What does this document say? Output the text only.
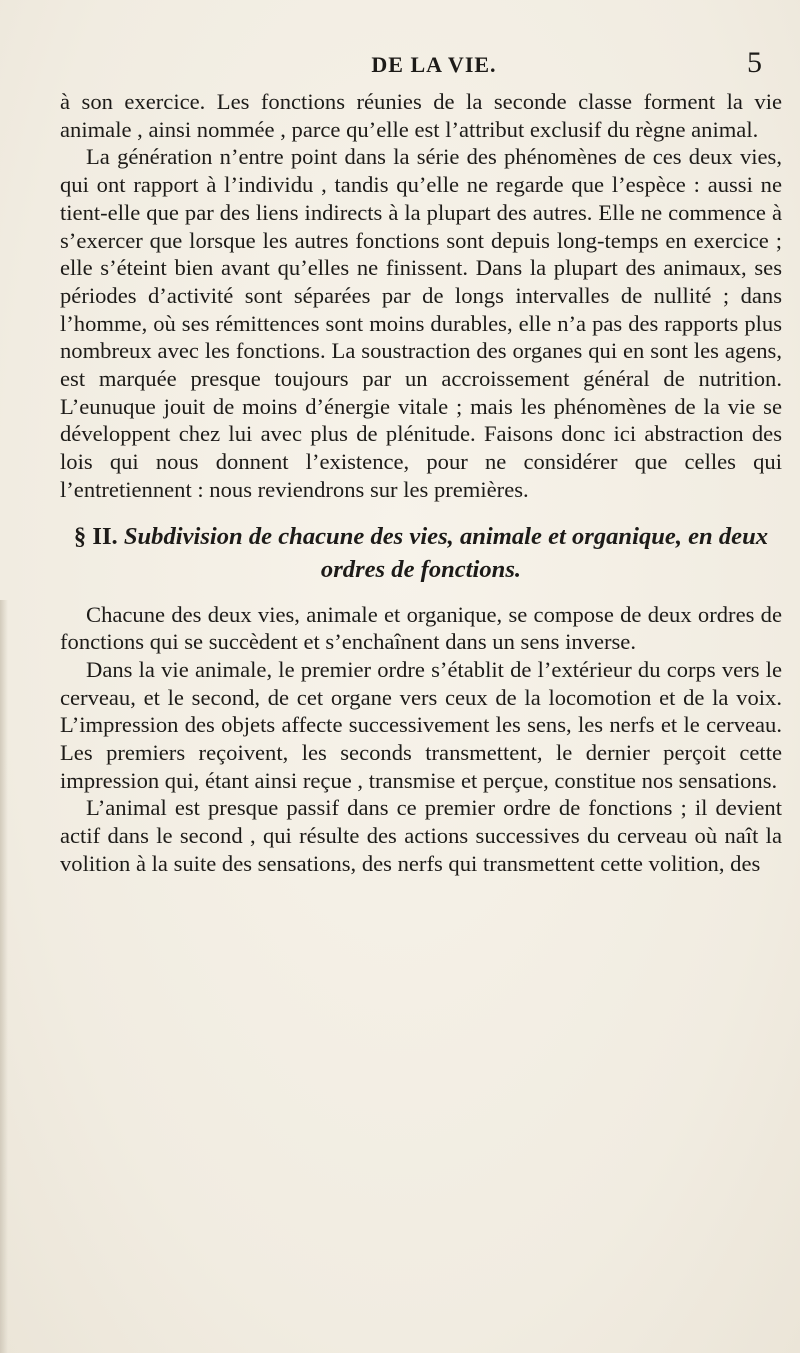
DE LA VIE.	5

à son exercice. Les fonctions réunies de la seconde classe forment la vie animale , ainsi nommée , parce qu’elle est l’attribut exclusif du règne animal.

La génération n’entre point dans la série des phénomènes de ces deux vies, qui ont rapport à l’individu , tandis qu’elle ne regarde que l’espèce : aussi ne tient-elle que par des liens indirects à la plupart des autres. Elle ne commence à s’exercer que lorsque les autres fonctions sont depuis long-temps en exercice ; elle s’éteint bien avant qu’elles ne finissent. Dans la plupart des animaux, ses périodes d’activité sont séparées par de longs intervalles de nullité ; dans l’homme, où ses rémittences sont moins durables, elle n’a pas des rapports plus nombreux avec les fonctions. La soustraction des organes qui en sont les agens, est marquée presque toujours par un accroissement général de nutrition. L’eunuque jouit de moins d’énergie vitale ; mais les phénomènes de la vie se développent chez lui avec plus de plénitude. Faisons donc ici abstraction des lois qui nous donnent l’existence, pour ne considérer que celles qui l’entretiennent : nous reviendrons sur les premières.

§ II. Subdivision de chacune des vies, animale et organique, en deux ordres de fonctions.

Chacune des deux vies, animale et organique, se compose de deux ordres de fonctions qui se succèdent et s’enchaînent dans un sens inverse.

Dans la vie animale, le premier ordre s’établit de l’extérieur du corps vers le cerveau, et le second, de cet organe vers ceux de la locomotion et de la voix. L’impression des objets affecte successivement les sens, les nerfs et le cerveau. Les premiers reçoivent, les seconds transmettent, le dernier perçoit cette impression qui, étant ainsi reçue , transmise et perçue, constitue nos sensations.

L’animal est presque passif dans ce premier ordre de fonctions ; il devient actif dans le second , qui résulte des actions successives du cerveau où naît la volition à la suite des sensations, des nerfs qui transmettent cette volition, des
